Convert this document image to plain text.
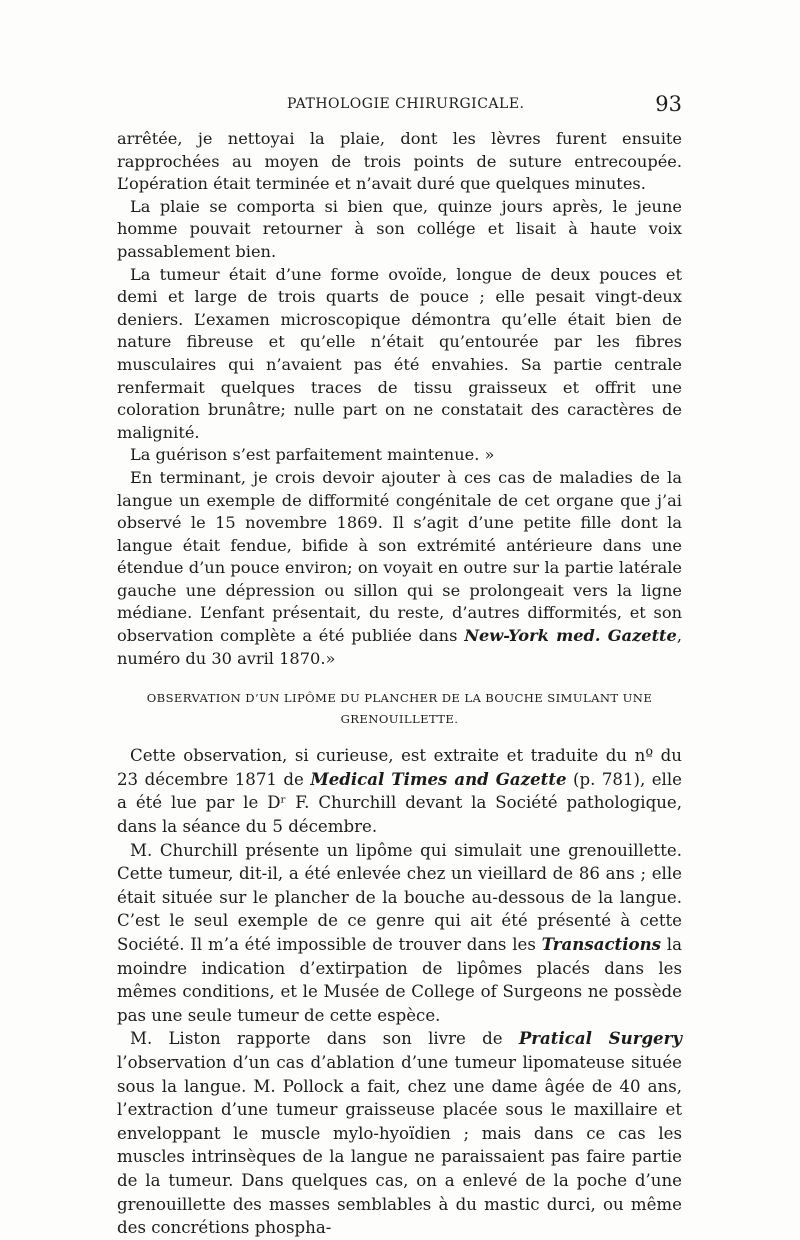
PATHOLOGIE CHIRURGICALE.	93

arrêtée, je nettoyai la plaie, dont les lèvres furent ensuite rapprochées au moyen de trois points de suture entrecoupée. L’opération était terminée et n’avait duré que quelques minutes.

La plaie se comporta si bien que, quinze jours après, le jeune homme pouvait retourner à son collége et lisait à haute voix passablement bien.

La tumeur était d’une forme ovoïde, longue de deux pouces et demi et large de trois quarts de pouce ; elle pesait vingt-deux deniers. L’examen microscopique démontra qu’elle était bien de nature fibreuse et qu’elle n’était qu’entourée par les fibres musculaires qui n’avaient pas été envahies. Sa partie centrale renfermait quelques traces de tissu graisseux et offrit une coloration brunâtre; nulle part on ne constatait des caractères de malignité.

La guérison s’est parfaitement maintenue. »

En terminant, je crois devoir ajouter à ces cas de maladies de la langue un exemple de difformité congénitale de cet organe que j’ai observé le 15 novembre 1869. Il s’agit d’une petite fille dont la langue était fendue, bifide à son extrémité antérieure dans une étendue d’un pouce environ; on voyait en outre sur la partie latérale gauche une dépression ou sillon qui se prolongeait vers la ligne médiane. L’enfant présentait, du reste, d’autres difformités, et son observation complète a été publiée dans New-York med. Gazette, numéro du 30 avril 1870.»

OBSERVATION D’UN LIPÔME DU PLANCHER DE LA BOUCHE SIMULANT UNE
GRENOUILLETTE.

Cette observation, si curieuse, est extraite et traduite du nº du 23 décembre 1871 de Medical Times and Gazette (p. 781), elle a été lue par le Dʳ F. Churchill devant la Société pathologique, dans la séance du 5 décembre.

M. Churchill présente un lipôme qui simulait une grenouillette. Cette tumeur, dit-il, a été enlevée chez un vieillard de 86 ans ; elle était située sur le plancher de la bouche au-dessous de la langue. C’est le seul exemple de ce genre qui ait été présenté à cette Société. Il m’a été impossible de trouver dans les Transactions la moindre indication d’extirpation de lipômes placés dans les mêmes conditions, et le Musée de College of Surgeons ne possède pas une seule tumeur de cette espèce.

M. Liston rapporte dans son livre de Pratical Surgery l’observation d’un cas d’ablation d’une tumeur lipomateuse située sous la langue. M. Pollock a fait, chez une dame âgée de 40 ans, l’extraction d’une tumeur graisseuse placée sous le maxillaire et enveloppant le muscle mylo-hyoïdien ; mais dans ce cas les muscles intrinsèques de la langue ne paraissaient pas faire partie de la tumeur. Dans quelques cas, on a enlevé de la poche d’une grenouillette des masses semblables à du mastic durci, ou même des concrétions phospha-
